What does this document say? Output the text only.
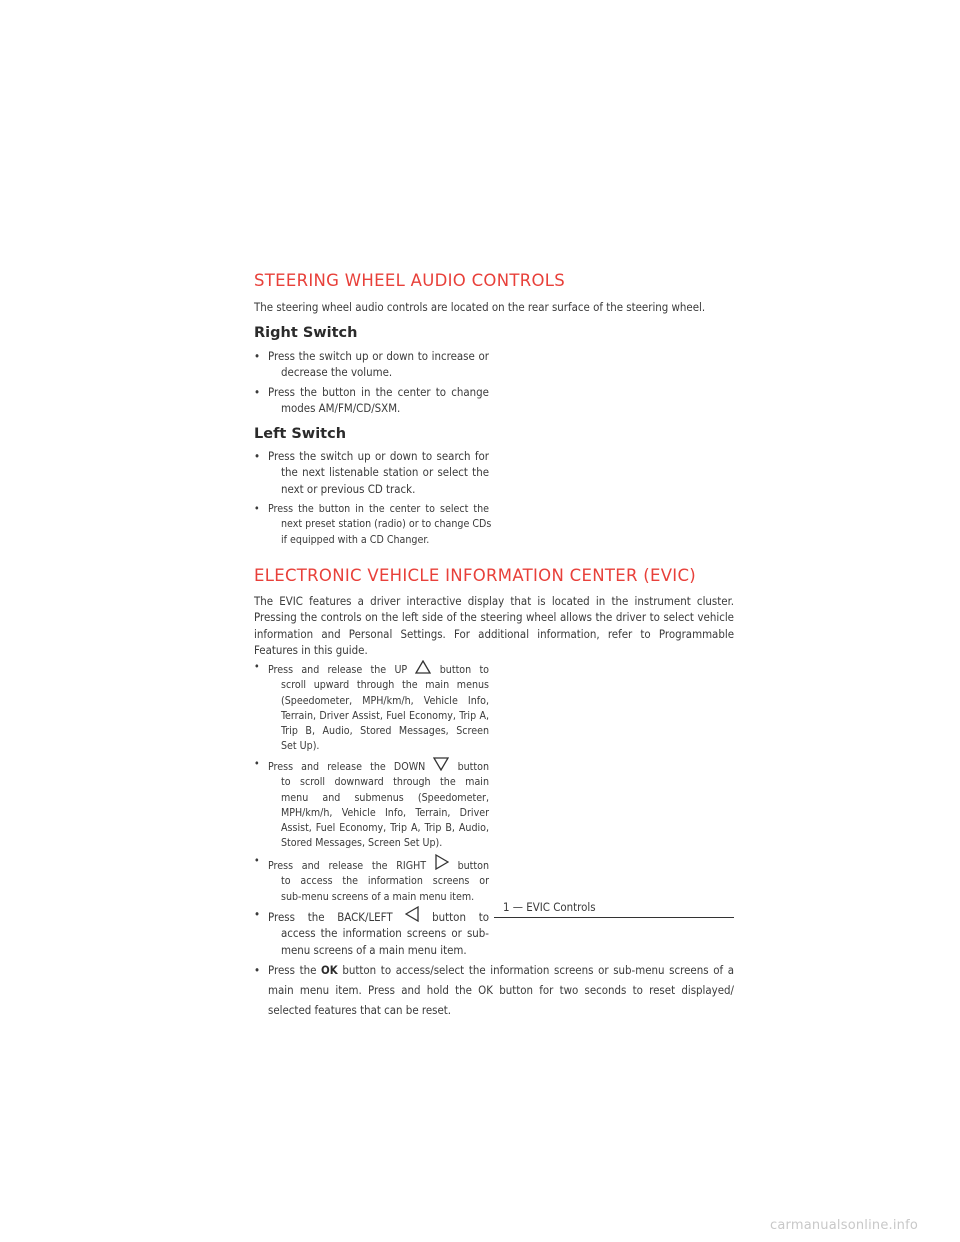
STEERING WHEEL AUDIO CONTROLS
The steering wheel audio controls are located on the rear surface of the steering wheel.
Right Switch
• Press the switch up or down to increase or
decrease the volume.
• Press the button in the center to change
modes AM/FM/CD/SXM.
Left Switch
• Press the switch up or down to search for
the next listenable station or select the
next or previous CD track.
• Press the button in the center to select the
next preset station (radio) or to change CDs
if equipped with a CD Changer.
ELECTRONIC VEHICLE INFORMATION CENTER (EVIC)
The EVIC features a driver interactive display that is located in the instrument cluster.
Pressing the controls on the left side of the steering wheel allows the driver to select vehicle
information and Personal Settings. For additional information, refer to Programmable
Features in this guide.
• Press and release the UP	button to
scroll upward through the main menus
(Speedometer, MPH/km/h, Vehicle Info,
Terrain, Driver Assist, Fuel Economy, Trip A,
Trip B, Audio, Stored Messages, Screen
Set Up).
• Press and release the DOWN	button
to scroll downward through the main
menu and submenus (Speedometer,
MPH/km/h, Vehicle Info, Terrain, Driver
Assist, Fuel Economy, Trip A, Trip B, Audio,
Stored Messages, Screen Set Up).
• Press and release the RIGHT	button
to access the information screens or
sub-menu screens of a main menu item.
• Press the BACK/LEFT	button to
access the information screens or sub-
menu screens of a main menu item.
1 — EVIC Controls
• Press the OK button to access/select the information screens or sub-menu screens of a
main menu item. Press and hold the OK button for two seconds to reset displayed/
selected features that can be reset.
carmanualsonline.info
